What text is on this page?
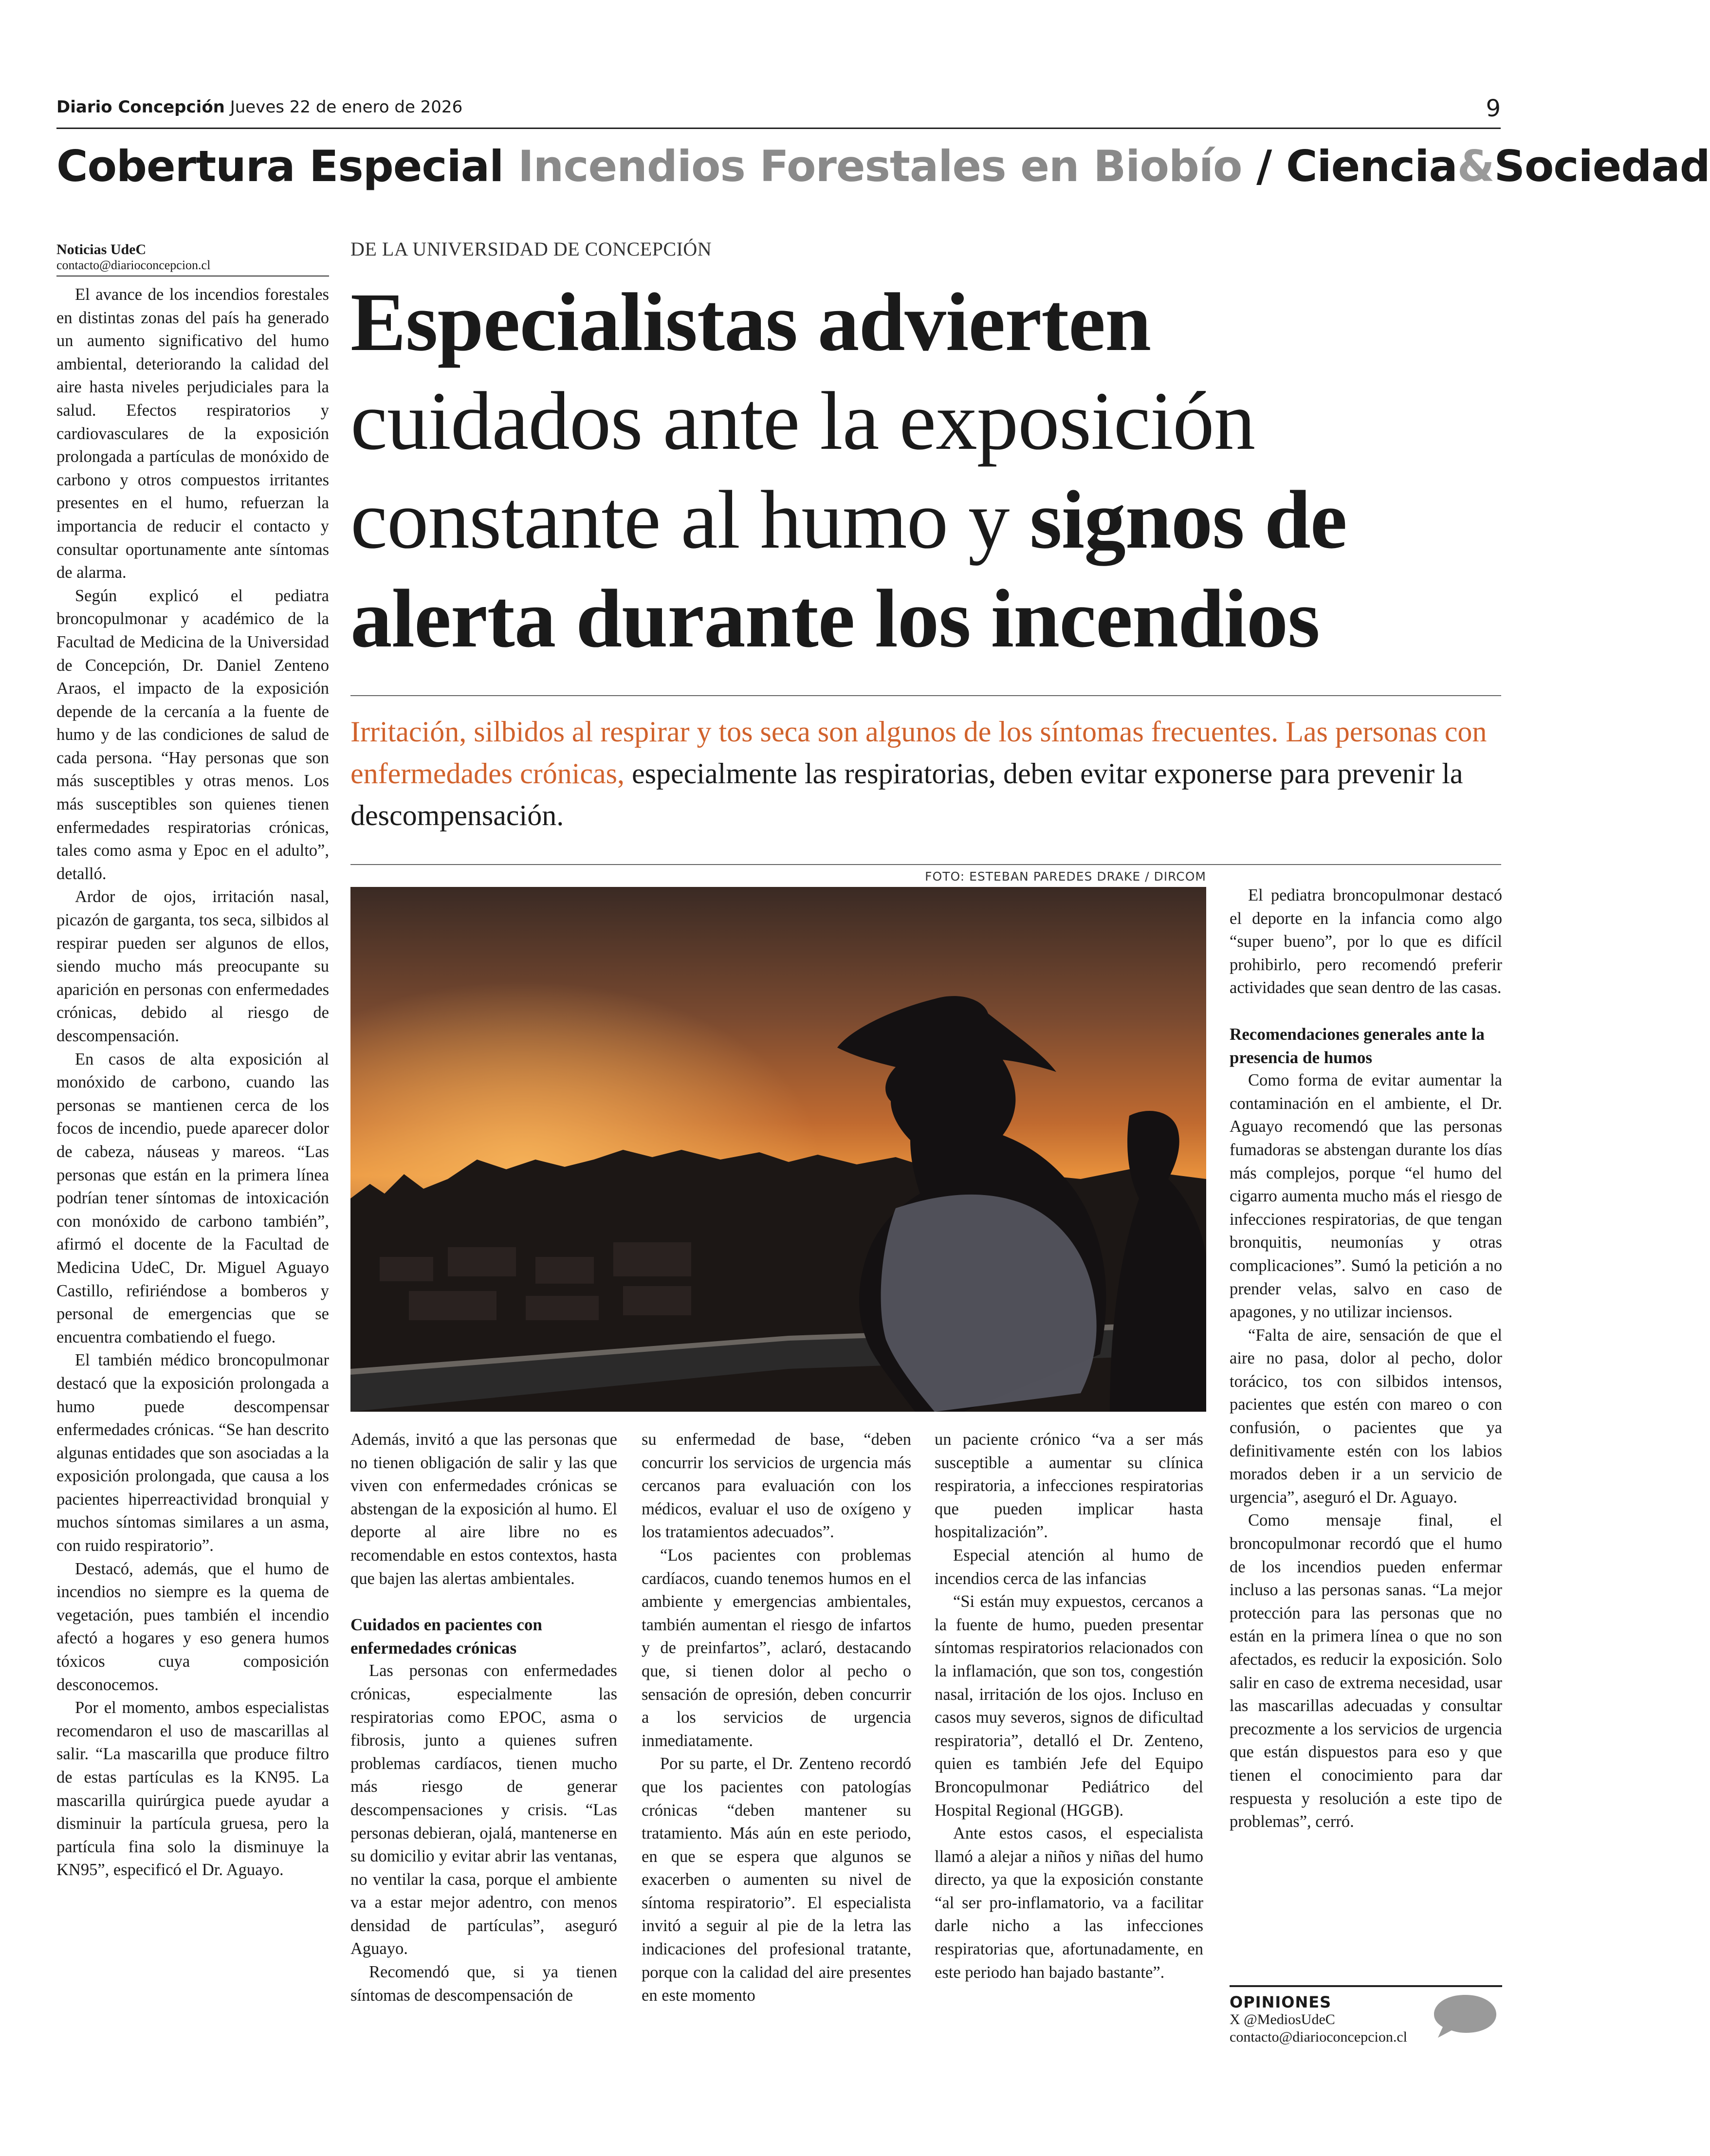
Diario Concepción Jueves 22 de enero de 2026	9
Cobertura Especial Incendios Forestales en Biobío / Ciencia&Sociedad
Noticias UdeC
contacto@diarioconcepcion.cl

El avance de los incendios forestales en distintas zonas del país ha generado un aumento significativo del humo ambiental, deteriorando la calidad del aire hasta niveles perjudiciales para la salud. Efectos respiratorios y cardiovasculares de la exposición prolongada a partículas de monóxido de carbono y otros compuestos irritantes presentes en el humo, refuerzan la importancia de reducir el contacto y consultar oportunamente ante síntomas de alarma.

Según explicó el pediatra broncopulmonar y académico de la Facultad de Medicina de la Universidad de Concepción, Dr. Daniel Zenteno Araos, el impacto de la exposición depende de la cercanía a la fuente de humo y de las condiciones de salud de cada persona. “Hay personas que son más susceptibles y otras menos. Los más susceptibles son quienes tienen enfermedades respiratorias crónicas, tales como asma y Epoc en el adulto”, detalló.

Ardor de ojos, irritación nasal, picazón de garganta, tos seca, silbidos al respirar pueden ser algunos de ellos, siendo mucho más preocupante su aparición en personas con enfermedades crónicas, debido al riesgo de descompensación.

En casos de alta exposición al monóxido de carbono, cuando las personas se mantienen cerca de los focos de incendio, puede aparecer dolor de cabeza, náuseas y mareos. “Las personas que están en la primera línea podrían tener síntomas de intoxicación con monóxido de carbono también”, afirmó el docente de la Facultad de Medicina UdeC, Dr. Miguel Aguayo Castillo, refiriéndose a bomberos y personal de emergencias que se encuentra combatiendo el fuego.

El también médico broncopulmonar destacó que la exposición prolongada a humo puede descompensar enfermedades crónicas. “Se han descrito algunas entidades que son asociadas a la exposición prolongada, que causa a los pacientes hiperreactividad bronquial y muchos síntomas similares a un asma, con ruido respiratorio”.

Destacó, además, que el humo de incendios no siempre es la quema de vegetación, pues también el incendio afectó a hogares y eso genera humos tóxicos cuya composición desconocemos.

Por el momento, ambos especialistas recomendaron el uso de mascarillas al salir. “La mascarilla que produce filtro de estas partículas es la KN95. La mascarilla quirúrgica puede ayudar a disminuir la partícula gruesa, pero la partícula fina solo la disminuye la KN95”, especificó el Dr. Aguayo.

DE LA UNIVERSIDAD DE CONCEPCIÓN
Especialistas advierten
cuidados ante la exposición
constante al humo y signos de
alerta durante los incendios
Irritación, silbidos al respirar y tos seca son algunos de los síntomas frecuentes. Las personas con enfermedades crónicas, especialmente las respiratorias, deben evitar exponerse para prevenir la descompensación.
FOTO: ESTEBAN PAREDES DRAKE / DIRCOM

Además, invitó a que las personas que no tienen obligación de salir y las que viven con enfermedades crónicas se abstengan de la exposición al humo. El deporte al aire libre no es recomendable en estos contextos, hasta que bajen las alertas ambientales.

Cuidados en pacientes con enfermedades crónicas

Las personas con enfermedades crónicas, especialmente las respiratorias como EPOC, asma o fibrosis, junto a quienes sufren problemas cardíacos, tienen mucho más riesgo de generar descompensaciones y crisis. “Las personas debieran, ojalá, mantenerse en su domicilio y evitar abrir las ventanas, no ventilar la casa, porque el ambiente va a estar mejor adentro, con menos densidad de partículas”, aseguró Aguayo.

Recomendó que, si ya tienen síntomas de descompensación de

su enfermedad de base, “deben concurrir los servicios de urgencia más cercanos para evaluación con los médicos, evaluar el uso de oxígeno y los tratamientos adecuados”.

“Los pacientes con problemas cardíacos, cuando tenemos humos en el ambiente y emergencias ambientales, también aumentan el riesgo de infartos y de preinfartos”, aclaró, destacando que, si tienen dolor al pecho o sensación de opresión, deben concurrir a los servicios de urgencia inmediatamente.

Por su parte, el Dr. Zenteno recordó que los pacientes con patologías crónicas “deben mantener su tratamiento. Más aún en este periodo, en que se espera que algunos se exacerben o aumenten su nivel de síntoma respiratorio”. El especialista invitó a seguir al pie de la letra las indicaciones del profesional tratante, porque con la calidad del aire presentes en este momento

un paciente crónico “va a ser más susceptible a aumentar su clínica respiratoria, a infecciones respiratorias que pueden implicar hasta hospitalización”.

Especial atención al humo de incendios cerca de las infancias

“Si están muy expuestos, cercanos a la fuente de humo, pueden presentar síntomas respiratorios relacionados con la inflamación, que son tos, congestión nasal, irritación de los ojos. Incluso en casos muy severos, signos de dificultad respiratoria”, detalló el Dr. Zenteno, quien es también Jefe del Equipo Broncopulmonar Pediátrico del Hospital Regional (HGGB).

Ante estos casos, el especialista llamó a alejar a niños y niñas del humo directo, ya que la exposición constante “al ser pro-inflamatorio, va a facilitar darle nicho a las infecciones respiratorias que, afortunadamente, en este periodo han bajado bastante”.

El pediatra broncopulmonar destacó el deporte en la infancia como algo “super bueno”, por lo que es difícil prohibirlo, pero recomendó preferir actividades que sean dentro de las casas.

Recomendaciones generales ante la presencia de humos

Como forma de evitar aumentar la contaminación en el ambiente, el Dr. Aguayo recomendó que las personas fumadoras se abstengan durante los días más complejos, porque “el humo del cigarro aumenta mucho más el riesgo de infecciones respiratorias, de que tengan bronquitis, neumonías y otras complicaciones”. Sumó la petición a no prender velas, salvo en caso de apagones, y no utilizar inciensos.

“Falta de aire, sensación de que el aire no pasa, dolor al pecho, dolor torácico, tos con silbidos intensos, pacientes que estén con mareo o con confusión, o pacientes que ya definitivamente estén con los labios morados deben ir a un servicio de urgencia”, aseguró el Dr. Aguayo.

Como mensaje final, el broncopulmonar recordó que el humo de los incendios pueden enfermar incluso a las personas sanas. “La mejor protección para las personas que no están en la primera línea o que no son afectados, es reducir la exposición. Solo salir en caso de extrema necesidad, usar las mascarillas adecuadas y consultar precozmente a los servicios de urgencia que están dispuestos para eso y que tienen el conocimiento para dar respuesta y resolución a este tipo de problemas”, cerró.

OPINIONES
X @MediosUdeC
contacto@diarioconcepcion.cl
